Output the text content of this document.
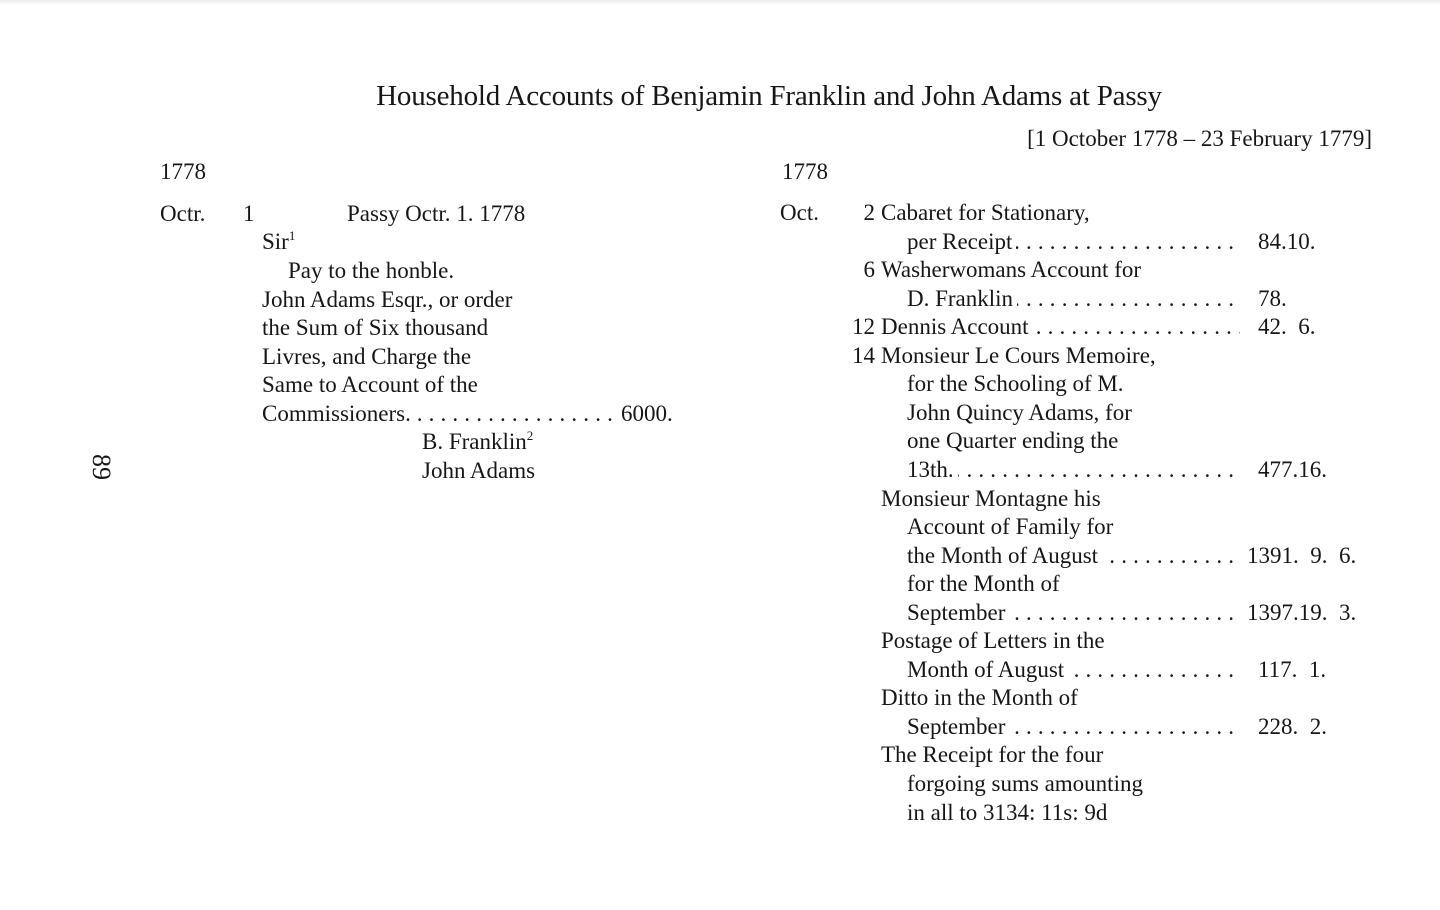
Household Accounts of Benjamin Franklin and John Adams at Passy
[1 October 1778 – 23 February 1779]
89
1778
Octr. 1	Passy Octr. 1. 1778
Sir$^1$
Pay to the honble.
John Adams Esqr., or order
the Sum of Six thousand
Livres, and Charge the
Same to Account of the
Commissioners. . . .	6000.
B. Franklin$^2$
John Adams
1778
Oct. 2 Cabaret for Stationary,
per Receipt . . .	84.10.
6 Washerwomans Account for
D. Franklin . . .	78.
12 Dennis Account . . .	42.  6.
14 Monsieur Le Cours Memoire,
for the Schooling of M.
John Quincy Adams, for
one Quarter ending the
13th. . . .	477.16.
Monsieur Montagne his
Account of Family for
the Month of August . . .	1391.  9.  6.
for the Month of
September . . .	1397.19.  3.
Postage of Letters in the
Month of August . . .	117.  1.
Ditto in the Month of
September . . .	228.  2.
The Receipt for the four
forgoing sums amounting
in all to 3134: 11s: 9d
